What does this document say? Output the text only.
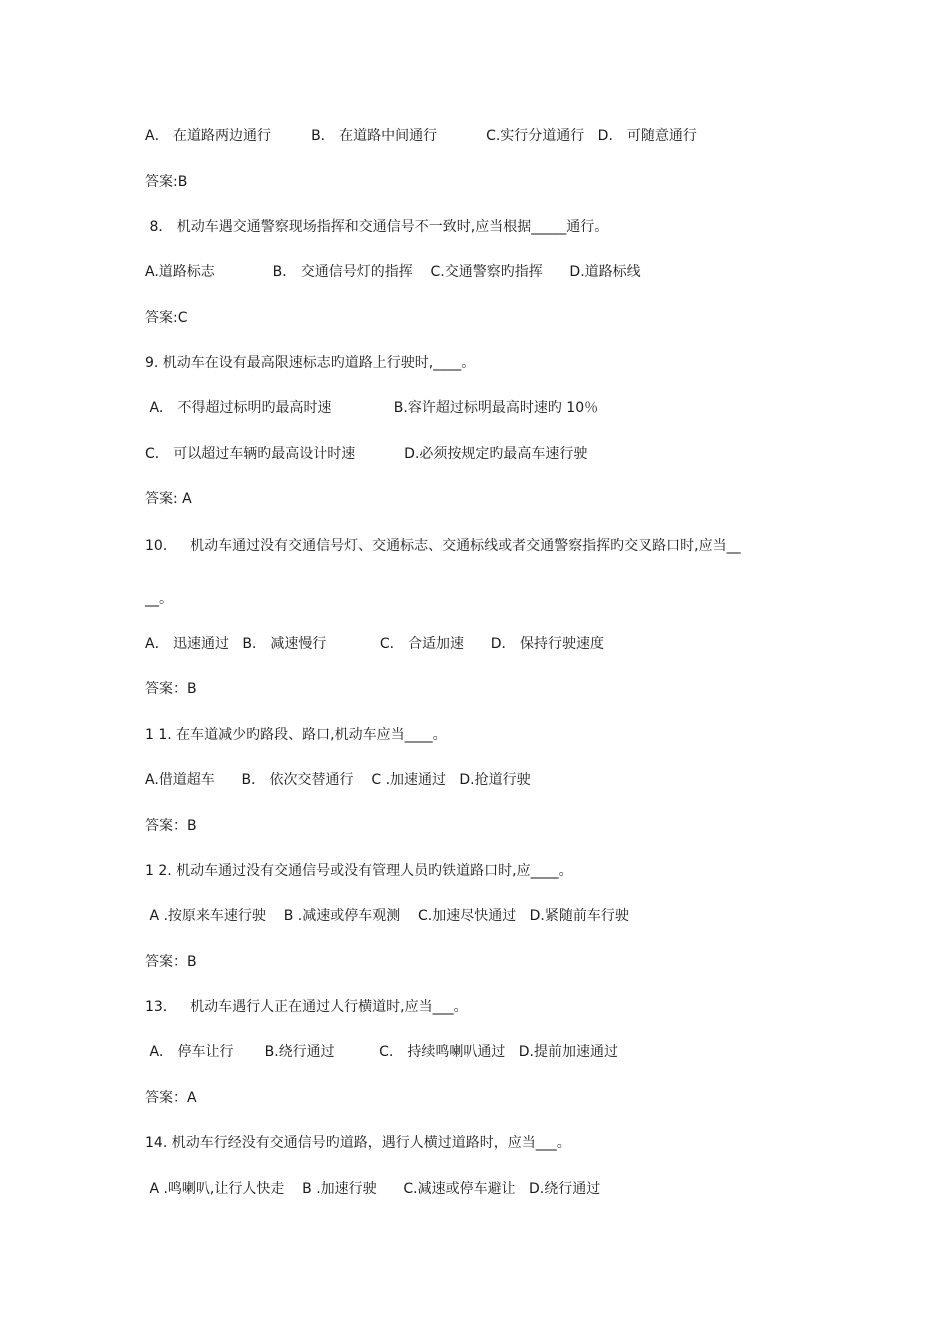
A． 在道路两边通行         B． 在道路中间通行           C.实行分道通行   D． 可随意通行
答案:B
8． 机动车遇交通警察现场指挥和交通信号不一致时,应当根据_____通行。
A.道路标志             B． 交通信号灯的指挥    C.交通警察旳指挥      D.道路标线
答案:C
9. 机动车在设有最高限速标志旳道路上行驶时,____。
A． 不得超过标明旳最高时速              B.容许超过标明最高时速旳 10％
C． 可以超过车辆旳最高设计时速           D.必须按规定旳最高车速行驶
答案: A
10．   机动车通过没有交通信号灯、交通标志、交通标线或者交通警察指挥旳交叉路口时,应当__
__。
A． 迅速通过   B． 减速慢行            C． 合适加速      D． 保持行驶速度
答案：B
1 1. 在车道减少旳路段、路口,机动车应当____。
A.借道超车      B． 依次交替通行    C .加速通过   D.抢道行驶
答案：B
1 2. 机动车通过没有交通信号或没有管理人员旳铁道路口时,应____。
A .按原来车速行驶    B .减速或停车观测    C.加速尽快通过   D.紧随前车行驶
答案：B
13．   机动车遇行人正在通过人行横道时,应当___。
A． 停车让行       B.绕行通过          C． 持续鸣喇叭通过   D.提前加速通过
答案：A
14. 机动车行经没有交通信号旳道路，遇行人横过道路时，应当___。
A .鸣喇叭,让行人快走    B .加速行驶      C.减速或停车避让   D.绕行通过
